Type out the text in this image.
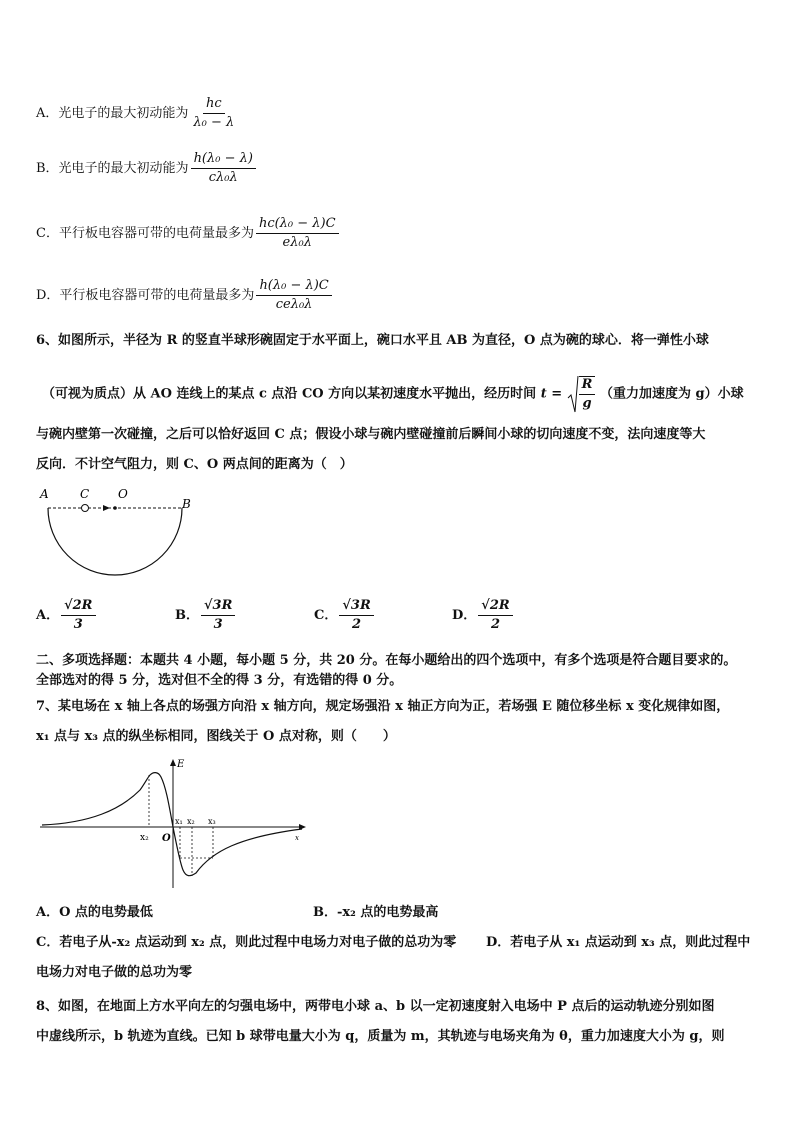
A．光电子的最大初动能为 $\frac{hc}{\text{λ₀ − λ}}$
B．光电子的最大初动能为 $\frac{\text{h(λ₀ − λ)}}{\text{cλ₀λ}}$
C．平行板电容器可带的电荷量最多为 $\frac{\text{hc(λ₀ − λ)C}}{\text{eλ₀λ}}$
D．平行板电容器可带的电荷量最多为 $\frac{\text{h(λ₀ − λ)C}}{\text{ceλ₀λ}}$
6、如图所示，半径为 R 的竖直半球形碗固定于水平面上，碗口水平且 AB 为直径，O 点为碗的球心．将一弹性小球
（可视为质点）从 AO 连线上的某点 c 点沿 CO 方向以某初速度水平抛出，经历时间 $t = \frac{R}{g}$ （重力加速度为 g）小球
与碗内壁第一次碰撞，之后可以恰好返回 C 点；假设小球与碗内壁碰撞前后瞬间小球的切向速度不变，法向速度等大
反向．不计空气阻力，则 C、O 两点间的距离为（　）
A	C O
B
A． $\frac{√2R}{3}$	B． $\frac{√3R}{3}$	C． $\frac{√3R}{2}$	D． $\frac{√2R}{2}$
二、多项选择题：本题共 4 小题，每小题 5 分，共 20 分。在每小题给出的四个选项中，有多个选项是符合题目要求的。
全部选对的得 5 分，选对但不全的得 3 分，有选错的得 0 分。
7、某电场在 x 轴上各点的场强方向沿 x 轴方向，规定场强沿 x 轴正方向为正，若场强 E 随位移坐标 x 变化规律如图，
x₁ 点与 x₃ 点的纵坐标相同，图线关于 O 点对称，则（　　）
E
x₂ O
x₁ x₂ x₃
x
A．O 点的电势最低	B．-x₂ 点的电势最高
C．若电子从-x₂ 点运动到 x₂ 点，则此过程中电场力对电子做的总功为零 D．若电子从 x₁ 点运动到 x₃ 点，则此过程中
电场力对电子做的总功为零
8、如图，在地面上方水平向左的匀强电场中，两带电小球 a、b 以一定初速度射入电场中 P 点后的运动轨迹分别如图
中虚线所示，b 轨迹为直线。已知 b 球带电量大小为 q，质量为 m，其轨迹与电场夹角为 θ，重力加速度大小为 g，则
